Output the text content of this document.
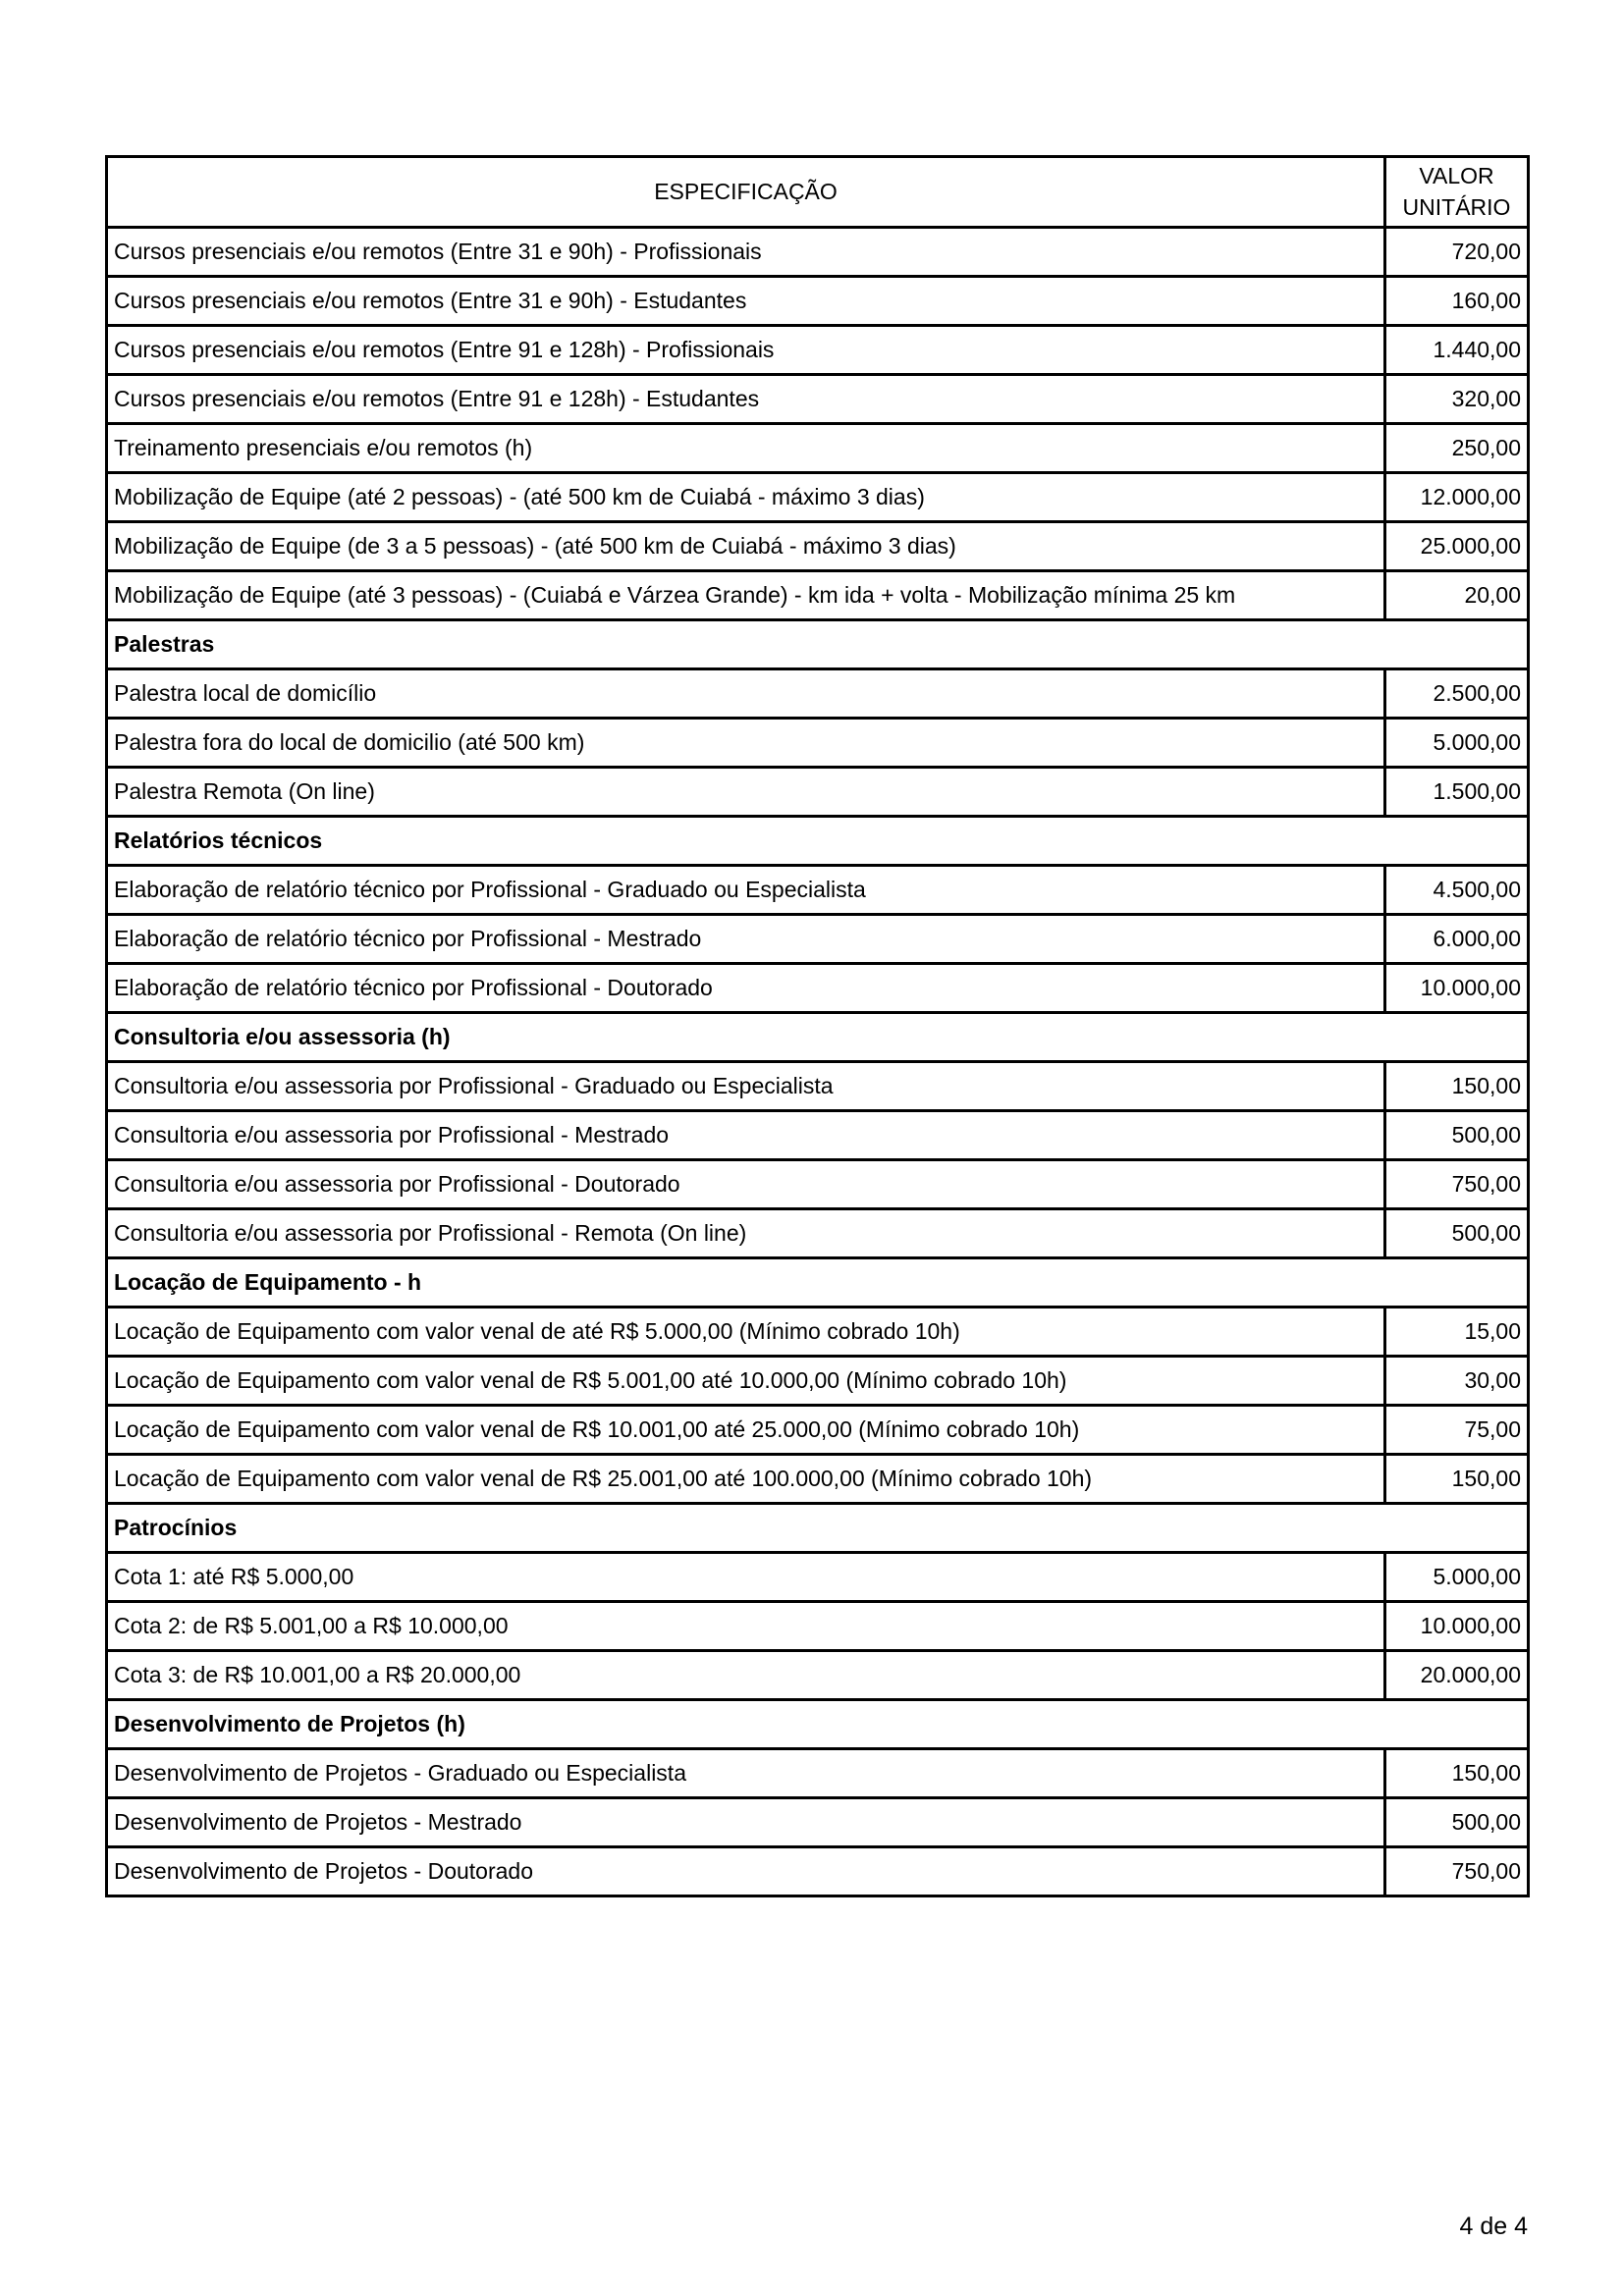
ESPECIFICAÇÃO	VALOR UNITÁRIO
Cursos presenciais e/ou remotos (Entre 31 e 90h) - Profissionais	720,00
Cursos presenciais e/ou remotos (Entre 31 e 90h) - Estudantes	160,00
Cursos presenciais e/ou remotos (Entre 91 e 128h) - Profissionais	1.440,00
Cursos presenciais e/ou remotos (Entre 91 e 128h) - Estudantes	320,00
Treinamento presenciais e/ou remotos (h)	250,00
Mobilização de Equipe (até 2 pessoas) - (até 500 km de Cuiabá - máximo 3 dias)	12.000,00
Mobilização de Equipe (de 3 a 5 pessoas) - (até 500 km de Cuiabá - máximo 3 dias)	25.000,00
Mobilização de Equipe (até 3 pessoas) - (Cuiabá e Várzea Grande) - km ida + volta - Mobilização mínima 25 km	20,00
Palestras	
Palestra local de domicílio	2.500,00
Palestra fora do local de domicilio (até 500 km)	5.000,00
Palestra Remota (On line)	1.500,00
Relatórios técnicos	
Elaboração de relatório técnico por Profissional - Graduado ou Especialista	4.500,00
Elaboração de relatório técnico por Profissional - Mestrado	6.000,00
Elaboração de relatório técnico por Profissional - Doutorado	10.000,00
Consultoria e/ou assessoria (h)	
Consultoria e/ou assessoria por Profissional - Graduado ou Especialista	150,00
Consultoria e/ou assessoria por Profissional - Mestrado	500,00
Consultoria e/ou assessoria por Profissional - Doutorado	750,00
Consultoria e/ou assessoria por Profissional - Remota (On line)	500,00
Locação de Equipamento - h	
Locação de Equipamento com valor venal de até R$ 5.000,00 (Mínimo cobrado 10h)	15,00
Locação de Equipamento com valor venal de R$ 5.001,00 até 10.000,00 (Mínimo cobrado 10h)	30,00
Locação de Equipamento com valor venal de R$ 10.001,00 até 25.000,00 (Mínimo cobrado 10h)	75,00
Locação de Equipamento com valor venal de R$ 25.001,00 até 100.000,00 (Mínimo cobrado 10h)	150,00
Patrocínios	
Cota 1: até R$ 5.000,00	5.000,00
Cota 2: de R$ 5.001,00 a R$ 10.000,00	10.000,00
Cota 3: de R$ 10.001,00 a R$ 20.000,00	20.000,00
Desenvolvimento de Projetos (h)	
Desenvolvimento de Projetos - Graduado ou Especialista	150,00
Desenvolvimento de Projetos - Mestrado	500,00
Desenvolvimento de Projetos - Doutorado	750,00
4 de 4
